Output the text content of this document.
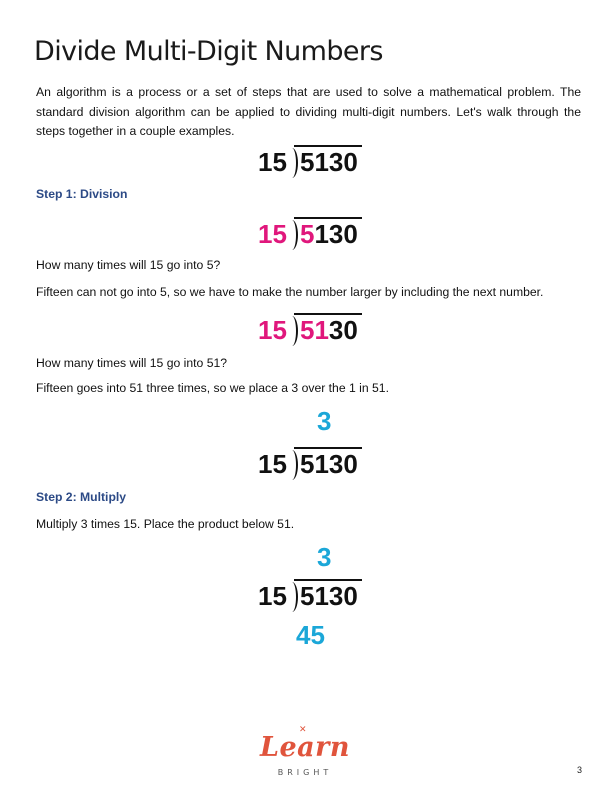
Divide Multi-Digit Numbers

An algorithm is a process or a set of steps that are used to solve a mathematical problem. The standard division algorithm can be applied to dividing multi-digit numbers. Let's walk through the steps together in a couple examples.

15 5130

Step 1: Division

15 5130

How many times will 15 go into 5?

Fifteen can not go into 5, so we have to make the number larger by including the next number.

15 5130

How many times will 15 go into 51?

Fifteen goes into 51 three times, so we place a 3 over the 1 in 51.

3
15 5130

Step 2: Multiply

Multiply 3 times 15. Place the product below 51.

3
15 5130
45
✕
Learn
BRIGHT	3
